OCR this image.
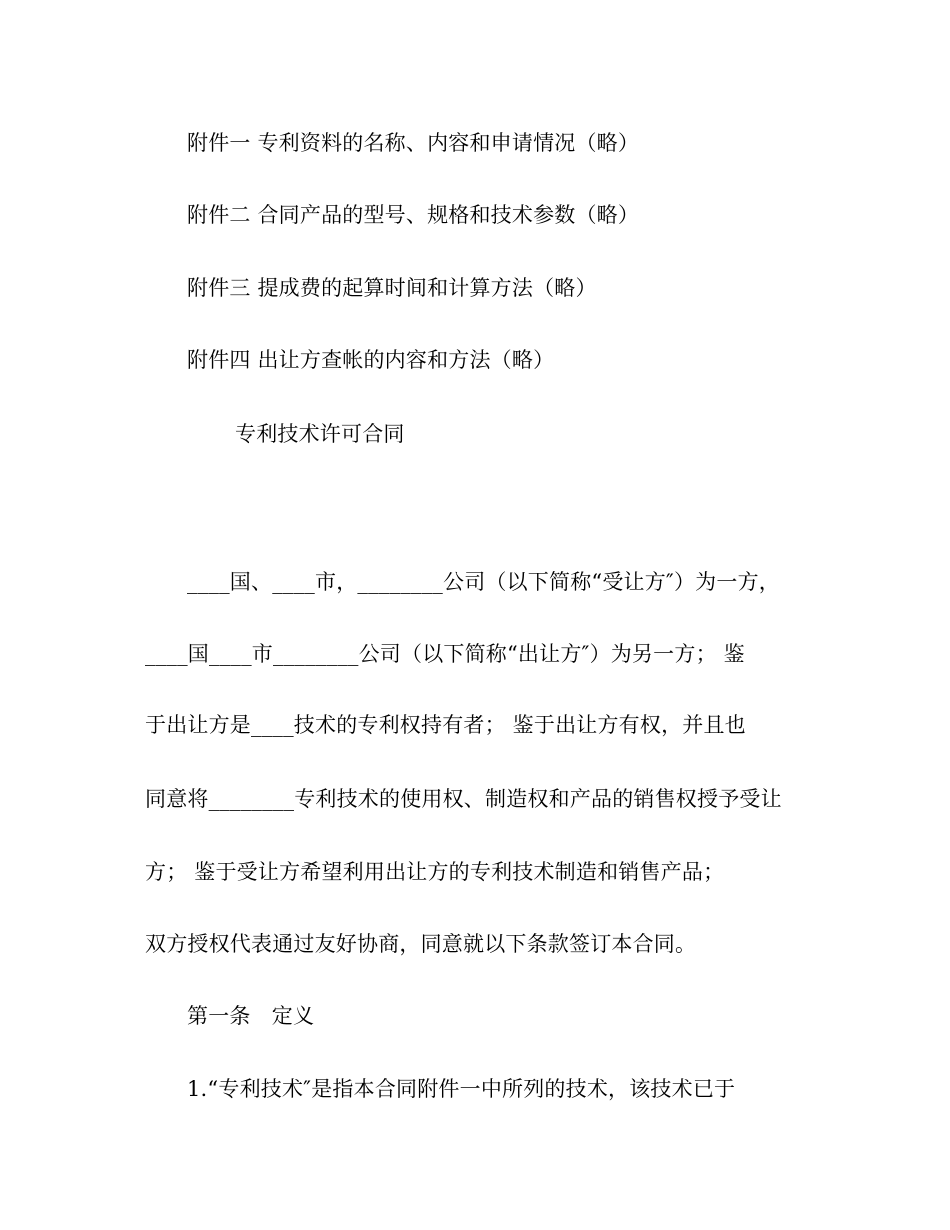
附件一 专利资料的名称、内容和申请情况（略）
附件二 合同产品的型号、规格和技术参数（略）
附件三 提成费的起算时间和计算方法（略）
附件四 出让方查帐的内容和方法（略）
专利技术许可合同
____国、____市，________公司（以下简称“受让方″）为一方，
____国____市________公司（以下简称“出让方″）为另一方； 鉴
于出让方是____技术的专利权持有者； 鉴于出让方有权，并且也
同意将________专利技术的使用权、制造权和产品的销售权授予受让
方； 鉴于受让方希望利用出让方的专利技术制造和销售产品；
双方授权代表通过友好协商，同意就以下条款签订本合同。
第一条　定义
1.“专利技术″是指本合同附件一中所列的技术，该技术已于
